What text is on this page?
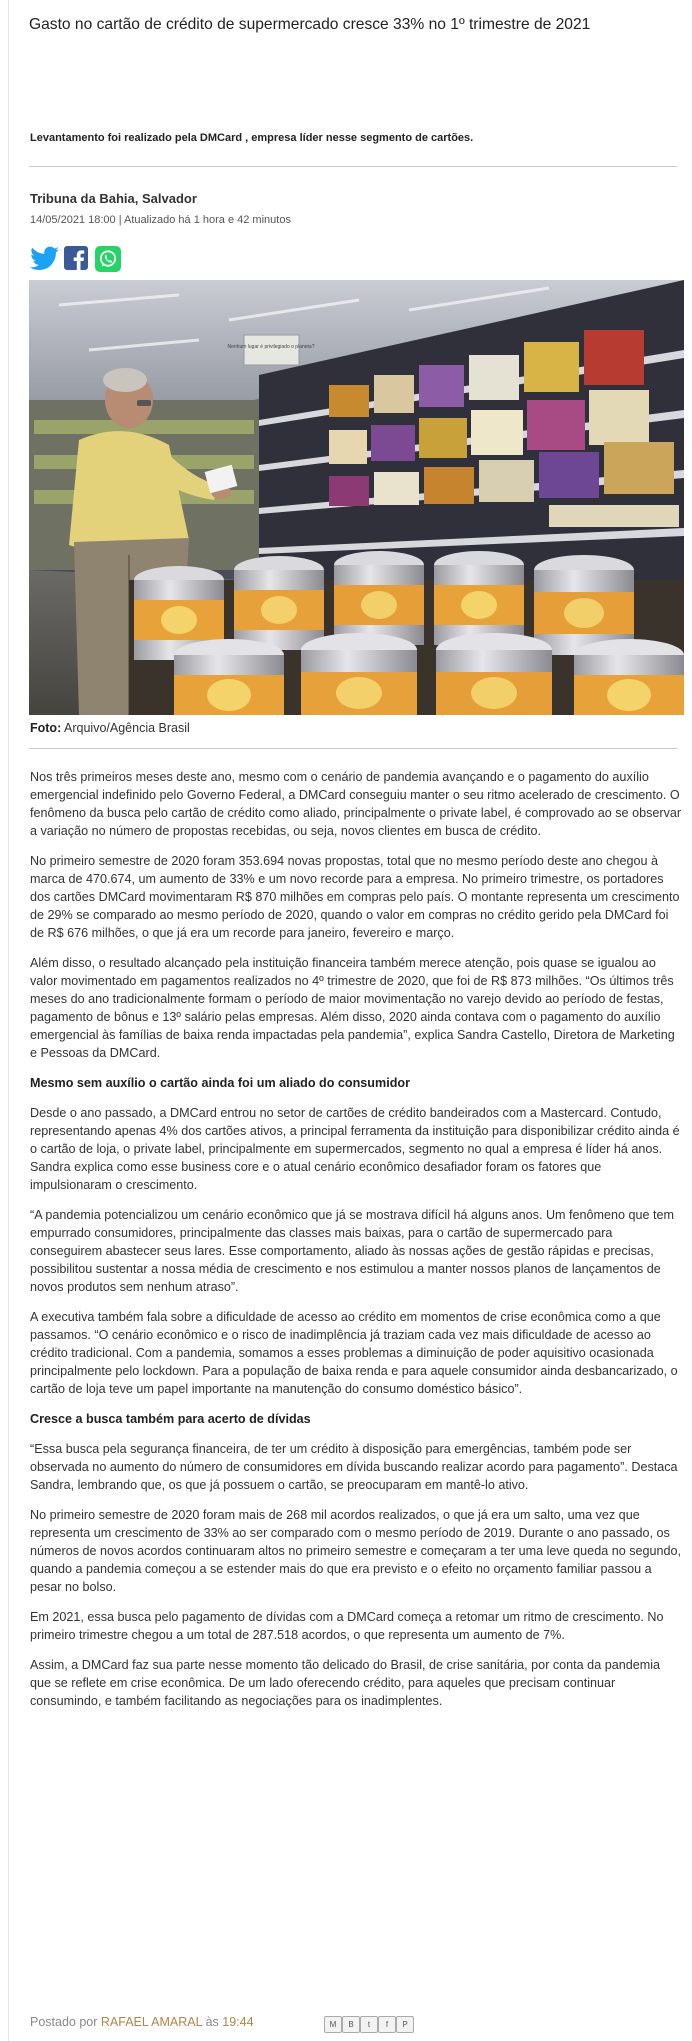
Gasto no cartão de crédito de supermercado cresce 33% no 1º trimestre de 2021
Levantamento foi realizado pela DMCard , empresa líder nesse segmento de cartões.
Tribuna da Bahia, Salvador
14/05/2021 18:00 | Atualizado há 1 hora e 42 minutos
Nenhum lugar é privilegiado o planeta?
Foto: Arquivo/Agência Brasil

Nos três primeiros meses deste ano, mesmo com o cenário de pandemia avançando e o pagamento do auxílio emergencial indefinido pelo Governo Federal, a DMCard conseguiu manter o seu ritmo acelerado de crescimento. O fenômeno da busca pelo cartão de crédito como aliado, principalmente o private label, é comprovado ao se observar a variação no número de propostas recebidas, ou seja, novos clientes em busca de crédito.

No primeiro semestre de 2020 foram 353.694 novas propostas, total que no mesmo período deste ano chegou à marca de 470.674, um aumento de 33% e um novo recorde para a empresa. No primeiro trimestre, os portadores dos cartões DMCard movimentaram R$ 870 milhões em compras pelo país. O montante representa um crescimento de 29% se comparado ao mesmo período de 2020, quando o valor em compras no crédito gerido pela DMCard foi de R$ 676 milhões, o que já era um recorde para janeiro, fevereiro e março.

Além disso, o resultado alcançado pela instituição financeira também merece atenção, pois quase se igualou ao valor movimentado em pagamentos realizados no 4º trimestre de 2020, que foi de R$ 873 milhões. “Os últimos três meses do ano tradicionalmente formam o período de maior movimentação no varejo devido ao período de festas, pagamento de bônus e 13º salário pelas empresas. Além disso, 2020 ainda contava com o pagamento do auxílio emergencial às famílias de baixa renda impactadas pela pandemia”, explica Sandra Castello, Diretora de Marketing e Pessoas da DMCard.

Mesmo sem auxílio o cartão ainda foi um aliado do consumidor

Desde o ano passado, a DMCard entrou no setor de cartões de crédito bandeirados com a Mastercard. Contudo, representando apenas 4% dos cartões ativos, a principal ferramenta da instituição para disponibilizar crédito ainda é o cartão de loja, o private label, principalmente em supermercados, segmento no qual a empresa é líder há anos. Sandra explica como esse business core e o atual cenário econômico desafiador foram os fatores que impulsionaram o crescimento.

“A pandemia potencializou um cenário econômico que já se mostrava difícil há alguns anos. Um fenômeno que tem empurrado consumidores, principalmente das classes mais baixas, para o cartão de supermercado para conseguirem abastecer seus lares. Esse comportamento, aliado às nossas ações de gestão rápidas e precisas, possibilitou sustentar a nossa média de crescimento e nos estimulou a manter nossos planos de lançamentos de novos produtos sem nenhum atraso”.

A executiva também fala sobre a dificuldade de acesso ao crédito em momentos de crise econômica como a que passamos. “O cenário econômico e o risco de inadimplência já traziam cada vez mais dificuldade de acesso ao crédito tradicional. Com a pandemia, somamos a esses problemas a diminuição de poder aquisitivo ocasionada principalmente pelo lockdown. Para a população de baixa renda e para aquele consumidor ainda desbancarizado, o cartão de loja teve um papel importante na manutenção do consumo doméstico básico”.

Cresce a busca também para acerto de dívidas

“Essa busca pela segurança financeira, de ter um crédito à disposição para emergências, também pode ser observada no aumento do número de consumidores em dívida buscando realizar acordo para pagamento”. Destaca Sandra, lembrando que, os que já possuem o cartão, se preocuparam em mantê-lo ativo.

No primeiro semestre de 2020 foram mais de 268 mil acordos realizados, o que já era um salto, uma vez que representa um crescimento de 33% ao ser comparado com o mesmo período de 2019. Durante o ano passado, os números de novos acordos continuaram altos no primeiro semestre e começaram a ter uma leve queda no segundo, quando a pandemia começou a se estender mais do que era previsto e o efeito no orçamento familiar passou a pesar no bolso.

Em 2021, essa busca pelo pagamento de dívidas com a DMCard começa a retomar um ritmo de crescimento. No primeiro trimestre chegou a um total de 287.518 acordos, o que representa um aumento de 7%.

Assim, a DMCard faz sua parte nesse momento tão delicado do Brasil, de crise sanitária, por conta da pandemia que se reflete em crise econômica. De um lado oferecendo crédito, para aqueles que precisam continuar consumindo, e também facilitando as negociações para os inadimplentes.

Postado por RAFAEL AMARAL às 19:44	M	B	t	f	P
